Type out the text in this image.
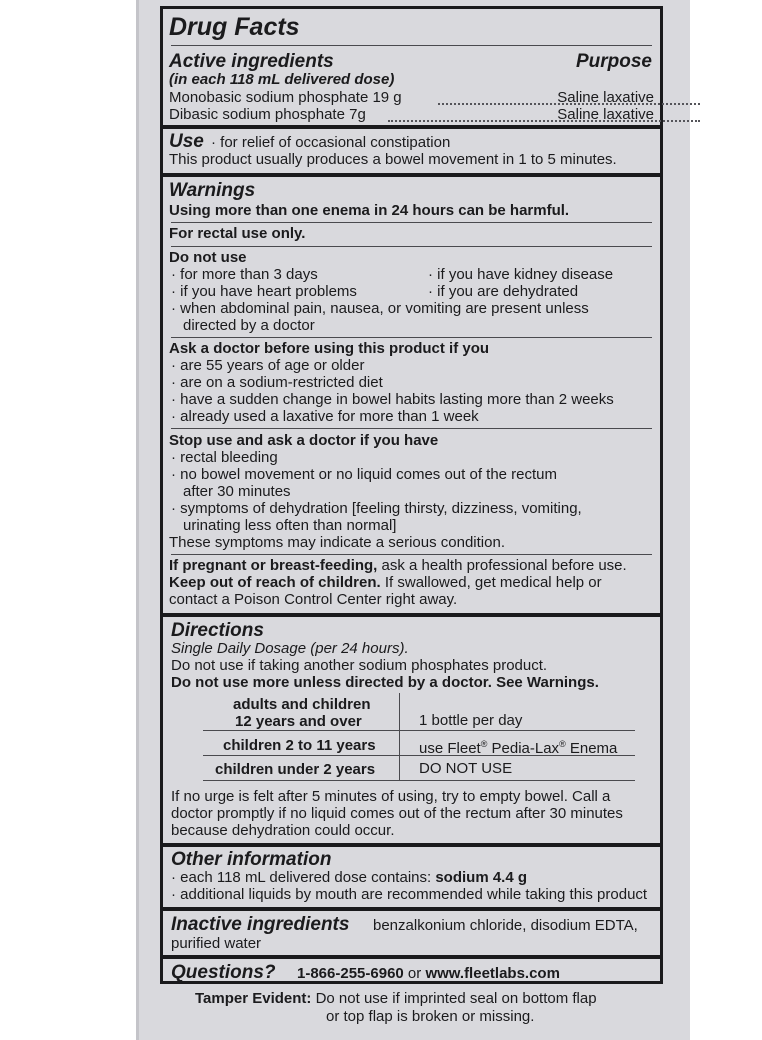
Drug Facts
Active ingredients	Purpose
(in each 118 mL delivered dose)
Monobasic sodium phosphate 19 g	Saline laxative
Dibasic sodium phosphate 7g	Saline laxative
Use · for relief of occasional constipation
This product usually produces a bowel movement in 1 to 5 minutes.
Warnings
Using more than one enema in 24 hours can be harmful.
For rectal use only.
Do not use
· for more than 3 days	· if you have kidney disease
· if you have heart problems	· if you are dehydrated
· when abdominal pain, nausea, or vomiting are present unless
directed by a doctor
Ask a doctor before using this product if you
· are 55 years of age or older
· are on a sodium-restricted diet
· have a sudden change in bowel habits lasting more than 2 weeks
· already used a laxative for more than 1 week
Stop use and ask a doctor if you have
· rectal bleeding
· no bowel movement or no liquid comes out of the rectum
after 30 minutes
· symptoms of dehydration [feeling thirsty, dizziness, vomiting,
urinating less often than normal]
These symptoms may indicate a serious condition.
If pregnant or breast-feeding, ask a health professional before use.
Keep out of reach of children. If swallowed, get medical help or
contact a Poison Control Center right away.
Directions
Single Daily Dosage (per 24 hours).
Do not use if taking another sodium phosphates product.
Do not use more unless directed by a doctor. See Warnings.
adults and children
12 years and over	1 bottle per day
children 2 to 11 years	use Fleet® Pedia-Lax® Enema
children under 2 years	DO NOT USE
If no urge is felt after 5 minutes of using, try to empty bowel. Call a
doctor promptly if no liquid comes out of the rectum after 30 minutes
because dehydration could occur.
Other information
· each 118 mL delivered dose contains: sodium 4.4 g
· additional liquids by mouth are recommended while taking this product
Inactive ingredients benzalkonium chloride, disodium EDTA,
purified water
Questions? 1-866-255-6960 or www.fleetlabs.com
Tamper Evident: Do not use if imprinted seal on bottom flap
or top flap is broken or missing.
